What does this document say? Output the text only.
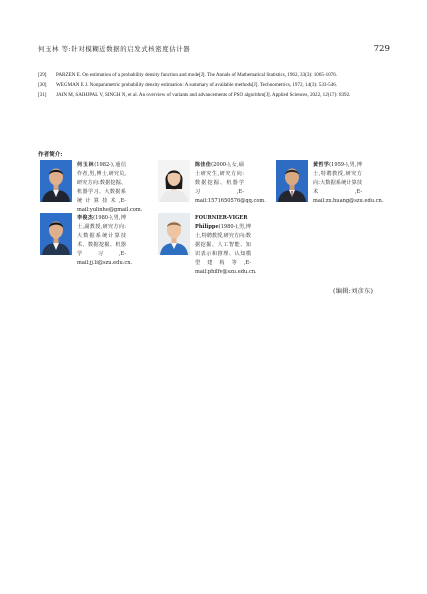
何玉林 等:针对模糊近数据的启发式核密度估计器	729
[29]	PARZEN E. On estimation of a probability density function and mode[J]. The Annals of Mathematical Statistics, 1962, 33(3): 1065-1076.
[30]	WEGMAN E J. Nonparametric probability density estimation: A summary of available methods[J]. Technometrics, 1972, 14(3): 533-546.
[31]	JAIN M, SAIHJPAL V, SINGH N, et al. An overview of variants and advancements of PSO algorithm[J]. Applied Sciences, 2022, 12(17): 8392.
作者简介:
何玉林(1982-),通信作者,男,博士,研究员,研究方向:数据挖掘、机器学习、大数据系统计算技术,E-mail:yulinhe@gmail.com.
陈佳佳(2000-),女,硕士研究生,研究方向:数据挖掘、机器学习,E-mail:1571650576@qq.com.
黄哲学(1959-),男,博士,特聘教授,研究方向:大数据系统计算技术,E-mail:zx.huang@szu.edu.cn.
李俊杰(1980-),男,博士,副教授,研究方向:大数据系统计算技术、数据挖掘、机器学习,E-mail:jj.li@szu.edu.cn.
FOURNIER-VIGER Philippe(1980-),男,博士,特聘教授,研究方向:数据挖掘、人工智能、知识表示和推理、认知模型建构等,E-mail:philfv@szu.edu.cn.
(编辑:刘彦东)
